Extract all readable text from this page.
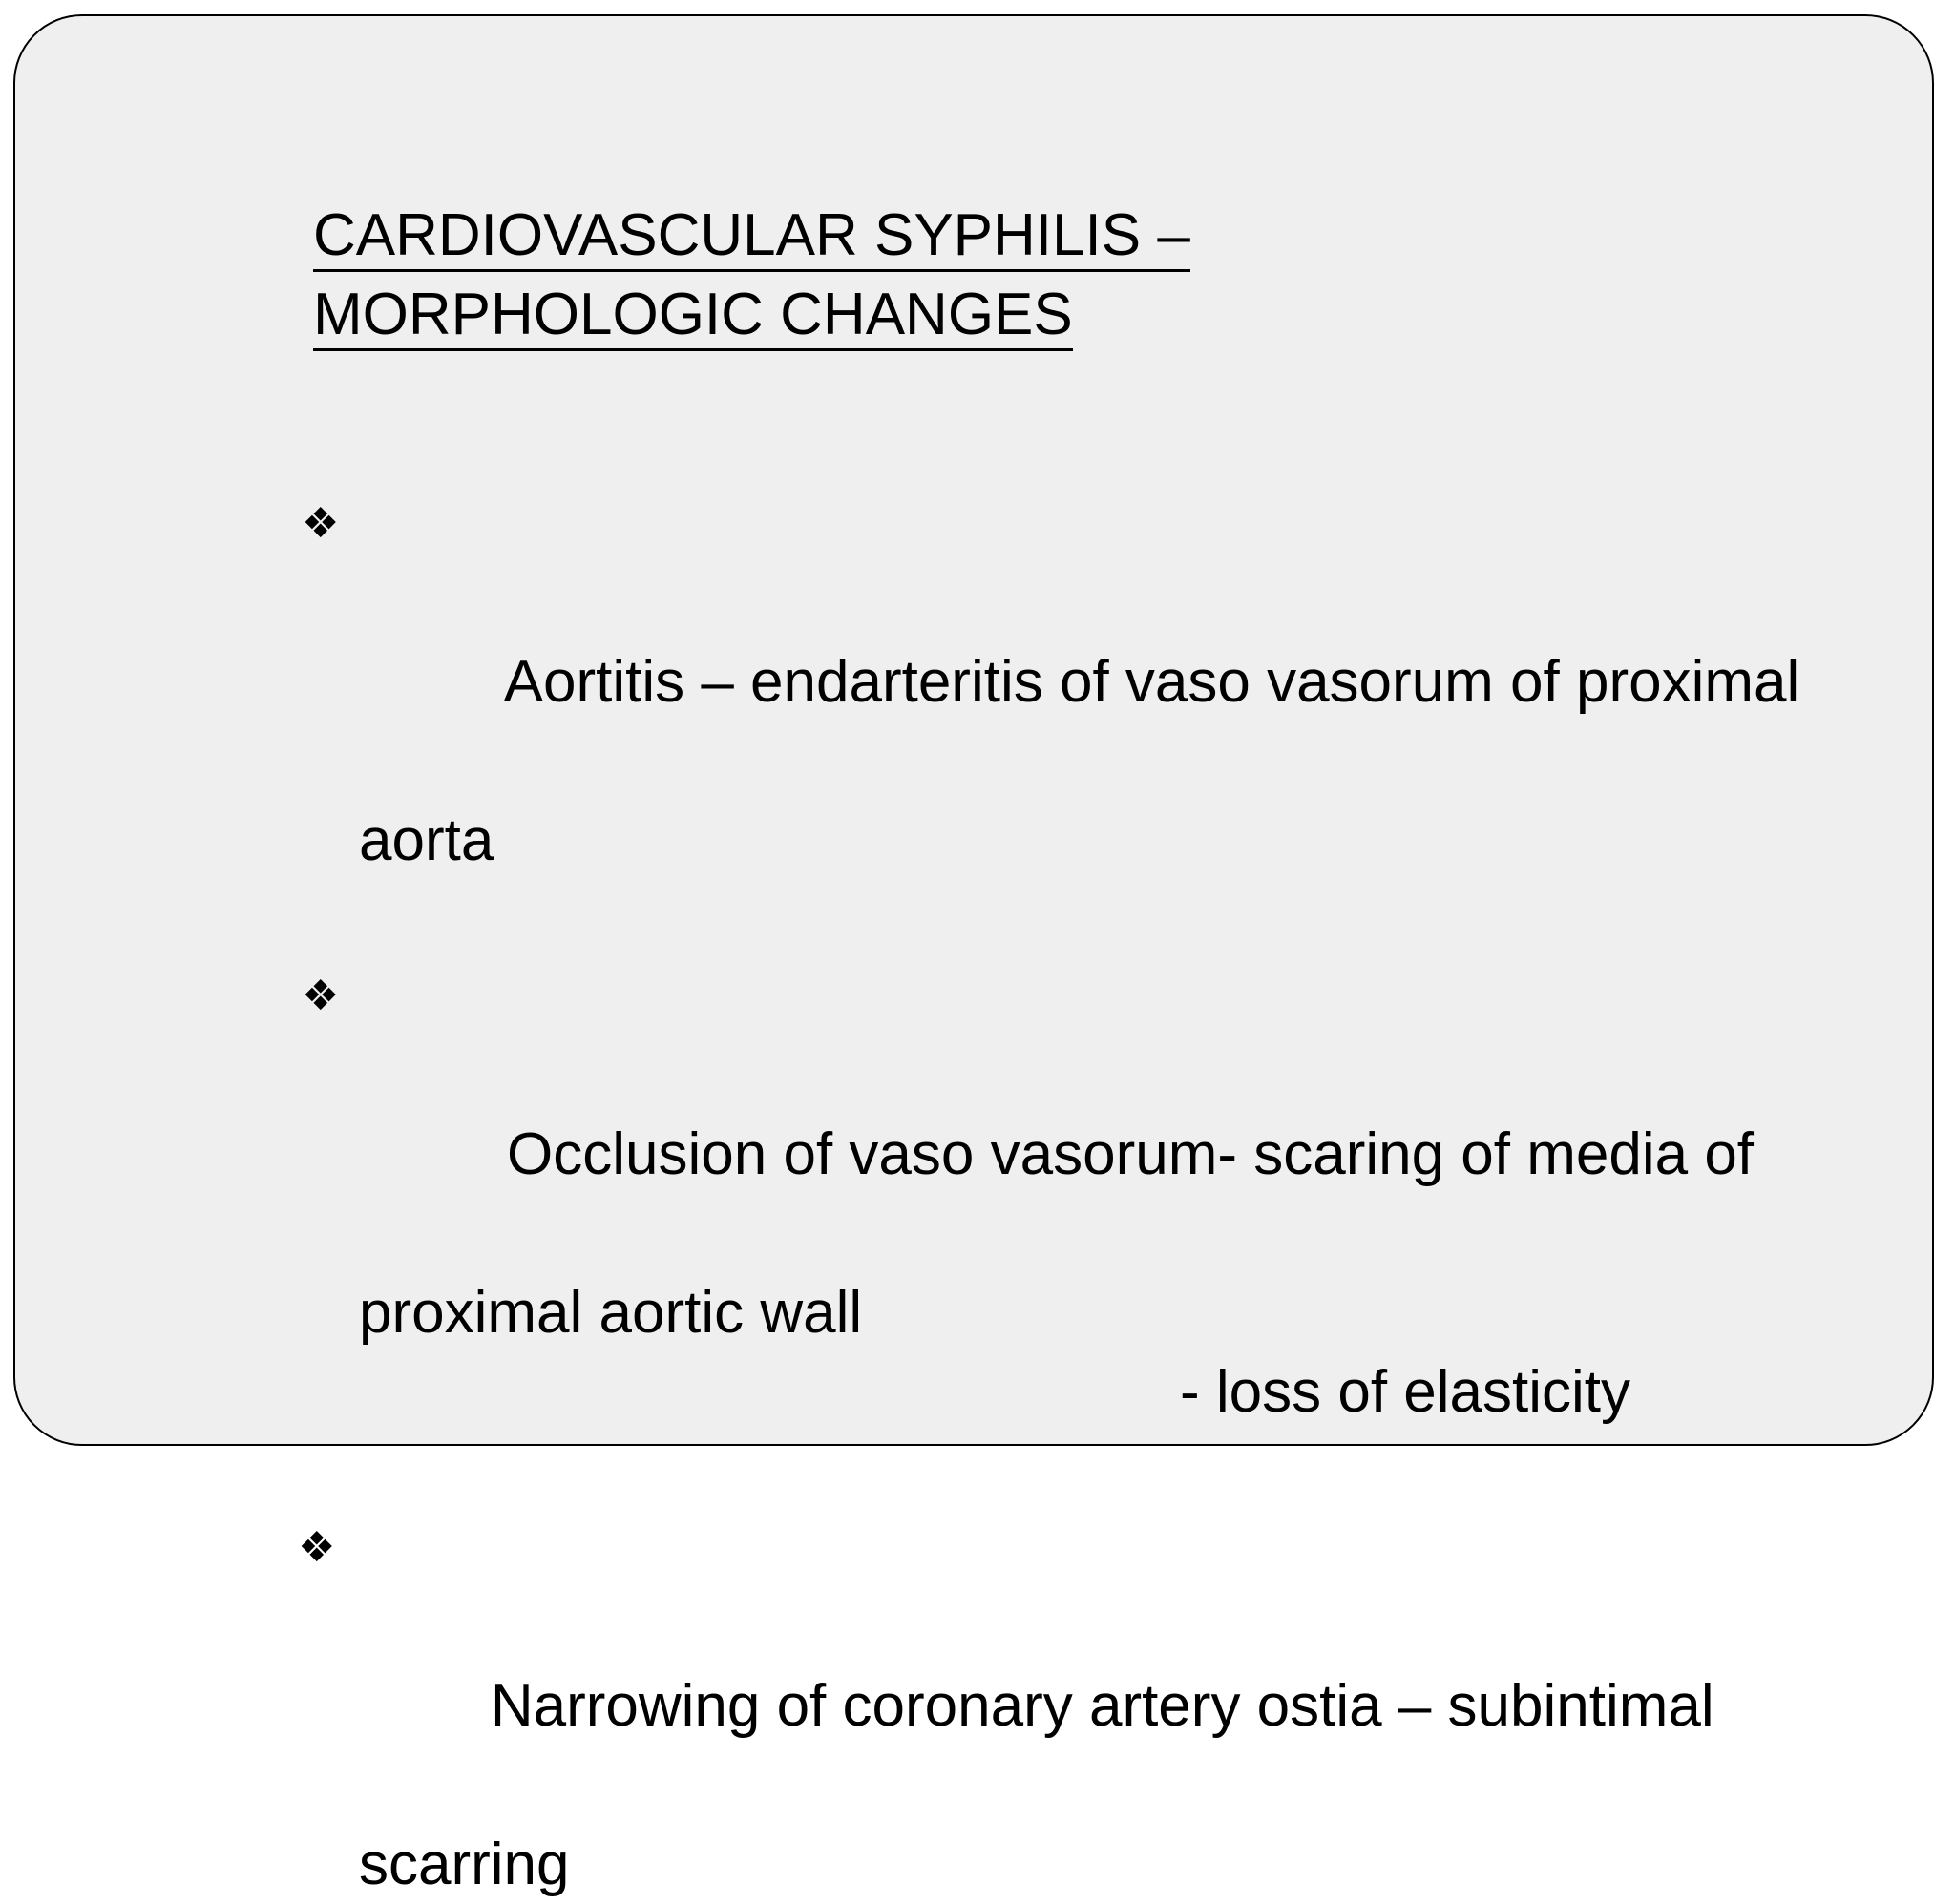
CARDIOVASCULAR SYPHILIS –
MORPHOLOGIC CHANGES

❖

Aortitis – endarteritis of vaso vasorum of proximal

aorta

❖

Occlusion of vaso vasorum- scaring of media of

proximal aortic wall
- loss of elasticity

❖

Narrowing of coronary artery ostia – subintimal

scarring
